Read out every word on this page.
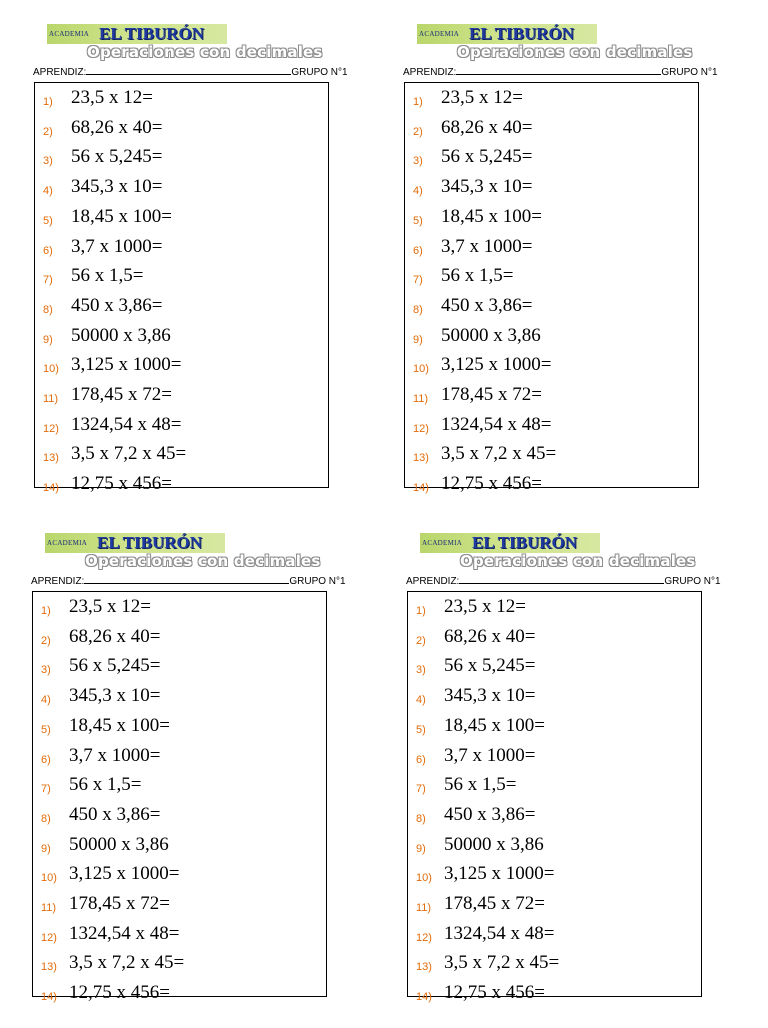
ACADEMIA EL TIBURÓN
Operaciones con decimales
APRENDIZ:	GRUPO N°1
1) 23,5 x 12=
2) 68,26 x 40=
3) 56 x 5,245=
4) 345,3 x 10=
5) 18,45 x 100=
6) 3,7 x 1000=
7) 56 x 1,5=
8) 450 x 3,86=
9) 50000 x 3,86
10) 3,125 x 1000=
11) 178,45 x 72=
12) 1324,54 x 48=
13) 3,5 x 7,2 x 45=
14) 12,75 x 456=
ACADEMIA EL TIBURÓN
Operaciones con decimales
APRENDIZ:	GRUPO N°1
1) 23,5 x 12=
2) 68,26 x 40=
3) 56 x 5,245=
4) 345,3 x 10=
5) 18,45 x 100=
6) 3,7 x 1000=
7) 56 x 1,5=
8) 450 x 3,86=
9) 50000 x 3,86
10) 3,125 x 1000=
11) 178,45 x 72=
12) 1324,54 x 48=
13) 3,5 x 7,2 x 45=
14) 12,75 x 456=
ACADEMIA EL TIBURÓN
Operaciones con decimales
APRENDIZ:	GRUPO N°1
1) 23,5 x 12=
2) 68,26 x 40=
3) 56 x 5,245=
4) 345,3 x 10=
5) 18,45 x 100=
6) 3,7 x 1000=
7) 56 x 1,5=
8) 450 x 3,86=
9) 50000 x 3,86
10) 3,125 x 1000=
11) 178,45 x 72=
12) 1324,54 x 48=
13) 3,5 x 7,2 x 45=
14) 12,75 x 456=
ACADEMIA EL TIBURÓN
Operaciones con decimales
APRENDIZ:	GRUPO N°1
1) 23,5 x 12=
2) 68,26 x 40=
3) 56 x 5,245=
4) 345,3 x 10=
5) 18,45 x 100=
6) 3,7 x 1000=
7) 56 x 1,5=
8) 450 x 3,86=
9) 50000 x 3,86
10) 3,125 x 1000=
11) 178,45 x 72=
12) 1324,54 x 48=
13) 3,5 x 7,2 x 45=
14) 12,75 x 456=
